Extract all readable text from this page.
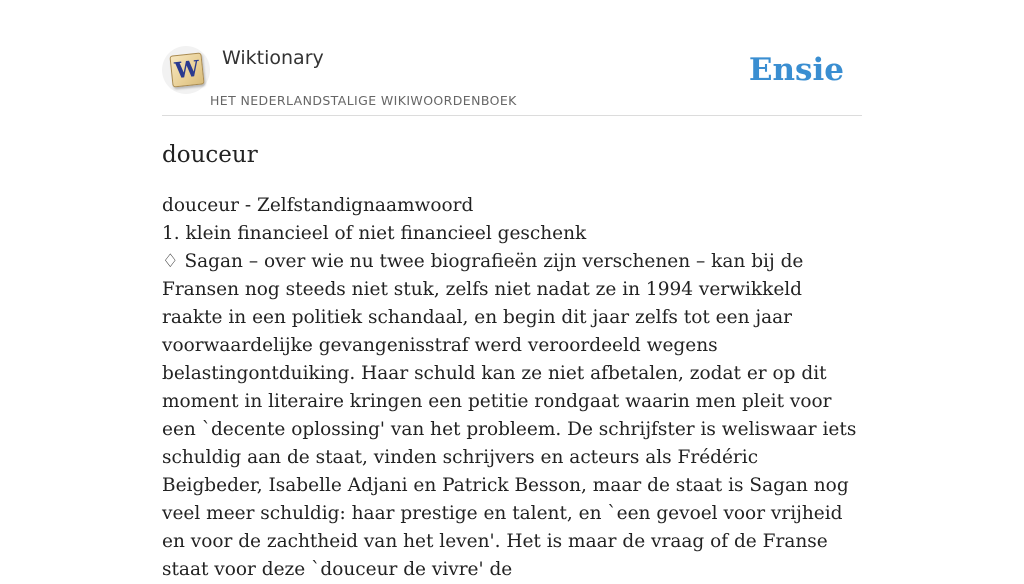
W Wiktionary
HET NEDERLANDSTALIGE WIKIWOORDENBOEK
Ensie
douceur

douceur - Zelfstandignaamwoord

1. klein financieel of niet financieel geschenk

♢ Sagan – over wie nu twee biografieën zijn verschenen – kan bij de Fransen nog steeds niet stuk, zelfs niet nadat ze in 1994 verwikkeld raakte in een politiek schandaal, en begin dit jaar zelfs tot een jaar voorwaardelijke gevangenisstraf werd veroordeeld wegens belastingontduiking. Haar schuld kan ze niet afbetalen, zodat er op dit moment in literaire kringen een petitie rondgaat waarin men pleit voor een `decente oplossing' van het probleem. De schrijfster is weliswaar iets schuldig aan de staat, vinden schrijvers en acteurs als Frédéric Beigbeder, Isabelle Adjani en Patrick Besson, maar de staat is Sagan nog veel meer schuldig: haar prestige en talent, en `een gevoel voor vrijheid en voor de zachtheid van het leven'. Het is maar de vraag of de Franse staat voor deze `douceur de vivre' de
